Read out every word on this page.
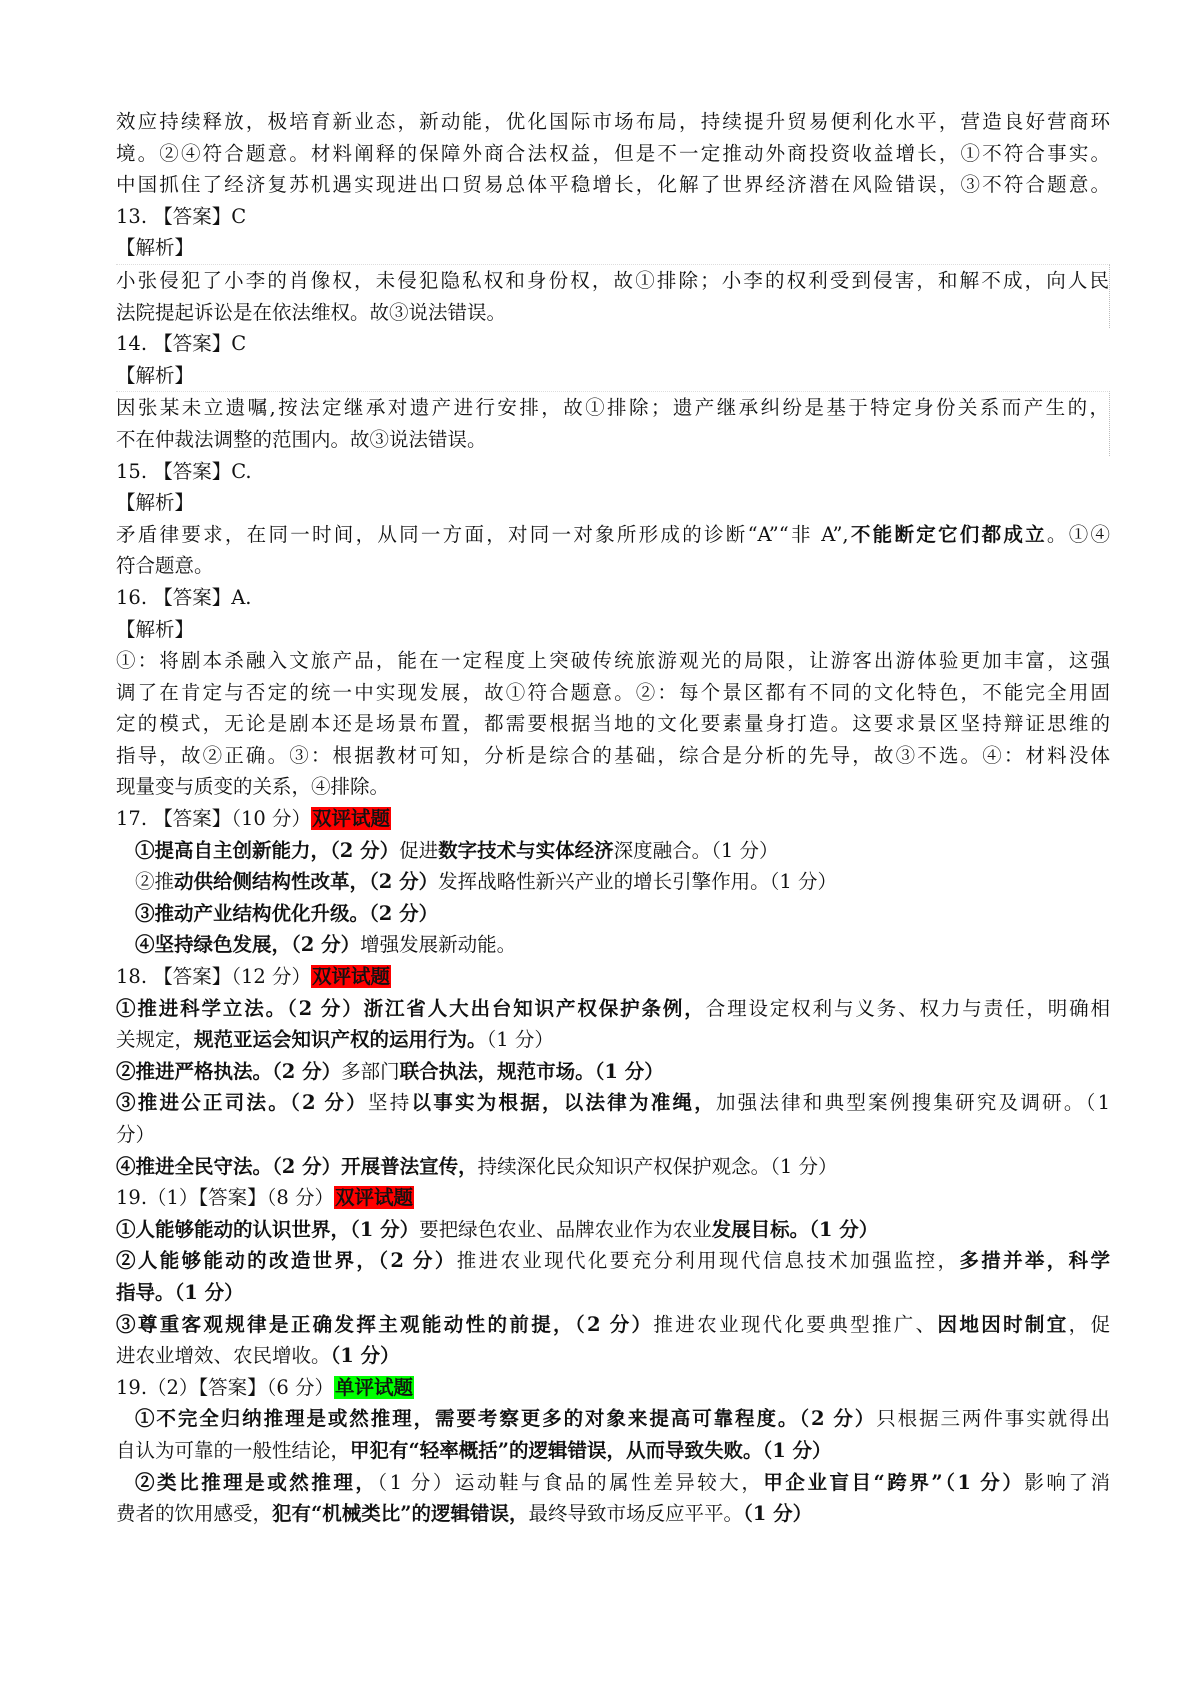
效应持续释放，极培育新业态，新动能，优化国际市场布局，持续提升贸易便利化水平，营造良好营商环

境。②④符合题意。材料阐释的保障外商合法权益，但是不一定推动外商投资收益增长，①不符合事实。

中国抓住了经济复苏机遇实现进出口贸易总体平稳增长，化解了世界经济潜在风险错误，③不符合题意。

13. 【答案】C

【解析】

小张侵犯了小李的肖像权，未侵犯隐私权和身份权，故①排除；小李的权利受到侵害，和解不成，向人民

法院提起诉讼是在依法维权。故③说法错误。

14. 【答案】C

【解析】

因张某未立遗嘱,按法定继承对遗产进行安排，故①排除；遗产继承纠纷是基于特定身份关系而产生的，

不在仲裁法调整的范围内。故③说法错误。

15. 【答案】C.

【解析】

矛盾律要求，在同一时间，从同一方面，对同一对象所形成的诊断“A”“非 A”,不能断定它们都成立。①④

符合题意。

16. 【答案】A.

【解析】

①：将剧本杀融入文旅产品，能在一定程度上突破传统旅游观光的局限，让游客出游体验更加丰富，这强

调了在肯定与否定的统一中实现发展，故①符合题意。②：每个景区都有不同的文化特色，不能完全用固

定的模式，无论是剧本还是场景布置，都需要根据当地的文化要素量身打造。这要求景区坚持辩证思维的

指导，故②正确。③：根据教材可知，分析是综合的基础，综合是分析的先导，故③不选。④：材料没体

现量变与质变的关系，④排除。

17. 【答案】（10 分）双评试题

①提高自主创新能力，（2 分）促进数字技术与实体经济深度融合。（1 分）

②推动供给侧结构性改革，（2 分）发挥战略性新兴产业的增长引擎作用。（1 分）

③推动产业结构优化升级。（2 分）

④坚持绿色发展，（2 分）增强发展新动能。

18. 【答案】（12 分）双评试题

①推进科学立法。（2 分）浙江省人大出台知识产权保护条例，合理设定权利与义务、权力与责任，明确相

关规定，规范亚运会知识产权的运用行为。（1 分）

②推进严格执法。（2 分）多部门联合执法，规范市场。（1 分）

③推进公正司法。（2 分）坚持以事实为根据，以法律为准绳，加强法律和典型案例搜集研究及调研。（1

分）

④推进全民守法。（2 分）开展普法宣传，持续深化民众知识产权保护观念。（1 分）

19.（1）【答案】（8 分）双评试题

①人能够能动的认识世界，（1 分）要把绿色农业、品牌农业作为农业发展目标。（1 分）

②人能够能动的改造世界，（2 分）推进农业现代化要充分利用现代信息技术加强监控，多措并举，科学

指导。（1 分）

③尊重客观规律是正确发挥主观能动性的前提，（2 分）推进农业现代化要典型推广、因地因时制宜，促

进农业增效、农民增收。（1 分）

19.（2）【答案】（6 分）单评试题

①不完全归纳推理是或然推理，需要考察更多的对象来提高可靠程度。（2 分）只根据三两件事实就得出

自认为可靠的一般性结论，甲犯有“轻率概括”的逻辑错误，从而导致失败。（1 分）

②类比推理是或然推理，（1 分）运动鞋与食品的属性差异较大，甲企业盲目“跨界”（1 分）影响了消

费者的饮用感受，犯有“机械类比”的逻辑错误，最终导致市场反应平平。（1 分）
